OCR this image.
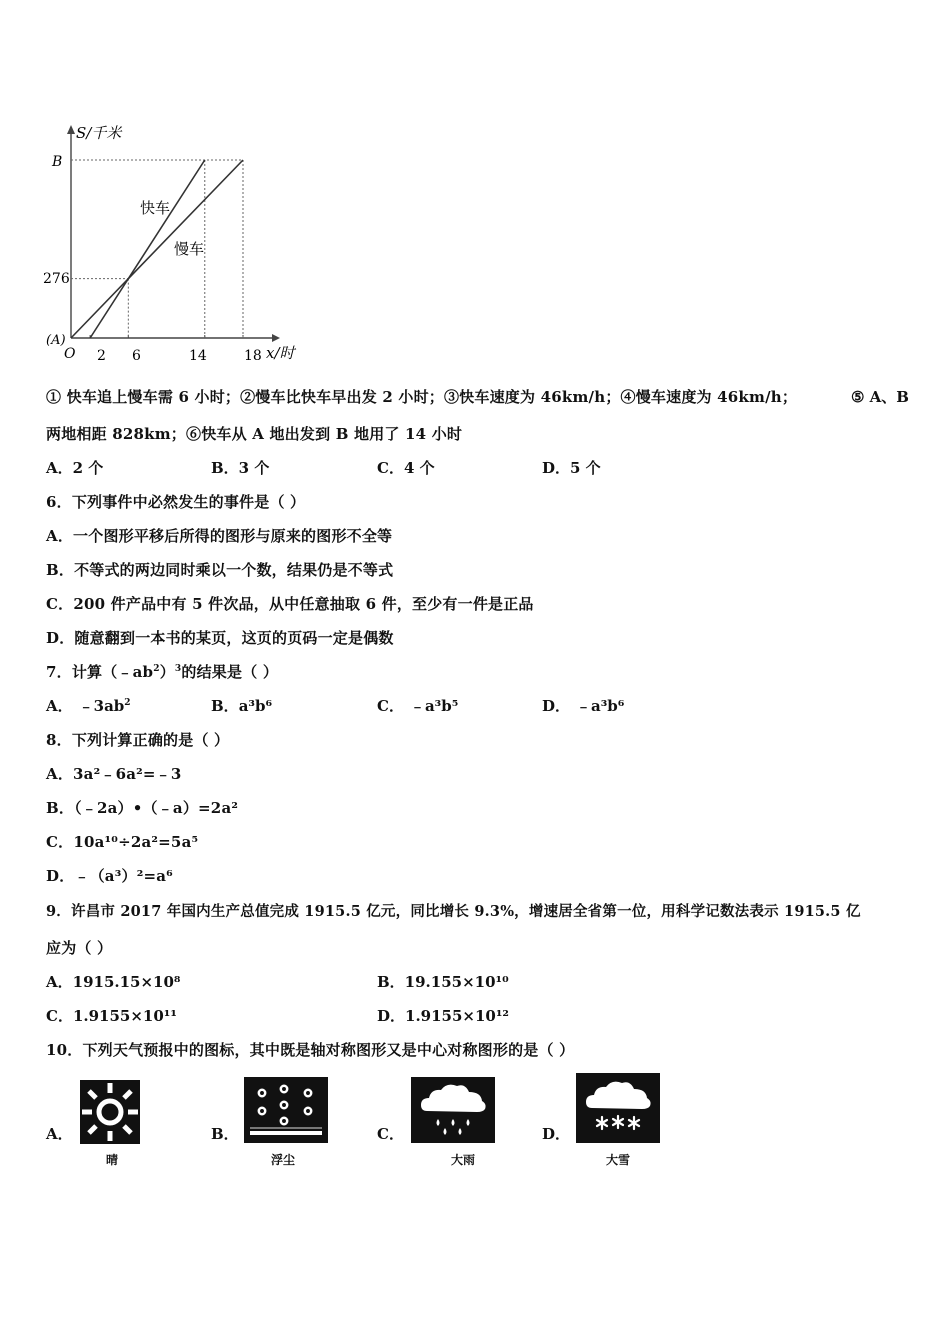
S/千米
x/时
B
276
(A)
O 2 6	14	18
快车
慢车
① 快车追上慢车需 6 小时；②慢车比快车早出发 2 小时；③快车速度为 46km/h；④慢车速度为 46km/h；	⑤ A、B
两地相距 828km；⑥快车从 A 地出发到 B 地用了 14 小时
A．2 个	B．3 个	C．4 个	D．5 个
6．下列事件中必然发生的事件是（ ）
A．一个图形平移后所得的图形与原来的图形不全等
B．不等式的两边同时乘以一个数，结果仍是不等式
C．200 件产品中有 5 件次品，从中任意抽取 6 件，至少有一件是正品
D．随意翻到一本书的某页，这页的页码一定是偶数
7．计算$(﹣ab^2)^3$的结果是（ ）
A． $﹣3ab^2$	B．a³b⁶	C． ﹣a³b⁵	D． ﹣a³b⁶
8．下列计算正确的是（ ）
A．3a²﹣6a²=﹣3
B．（﹣2a）•（﹣a）=2a²
C．10a¹⁰÷2a²=5a⁵
D．﹣（a³）²=a⁶
9．许昌市 2017 年国内生产总值完成 1915.5 亿元，同比增长 9.3%，增速居全省第一位，用科学记数法表示 1915.5 亿
应为（ ）
A．1915.15×10⁸	B．19.155×10¹⁰
C．1.9155×10¹¹	D．1.9155×10¹²
10．下列天气预报中的图标，其中既是轴对称图形又是中心对称图形的是（ ）
A．
晴
B．
浮尘
C．
大雨
D．
大雪
